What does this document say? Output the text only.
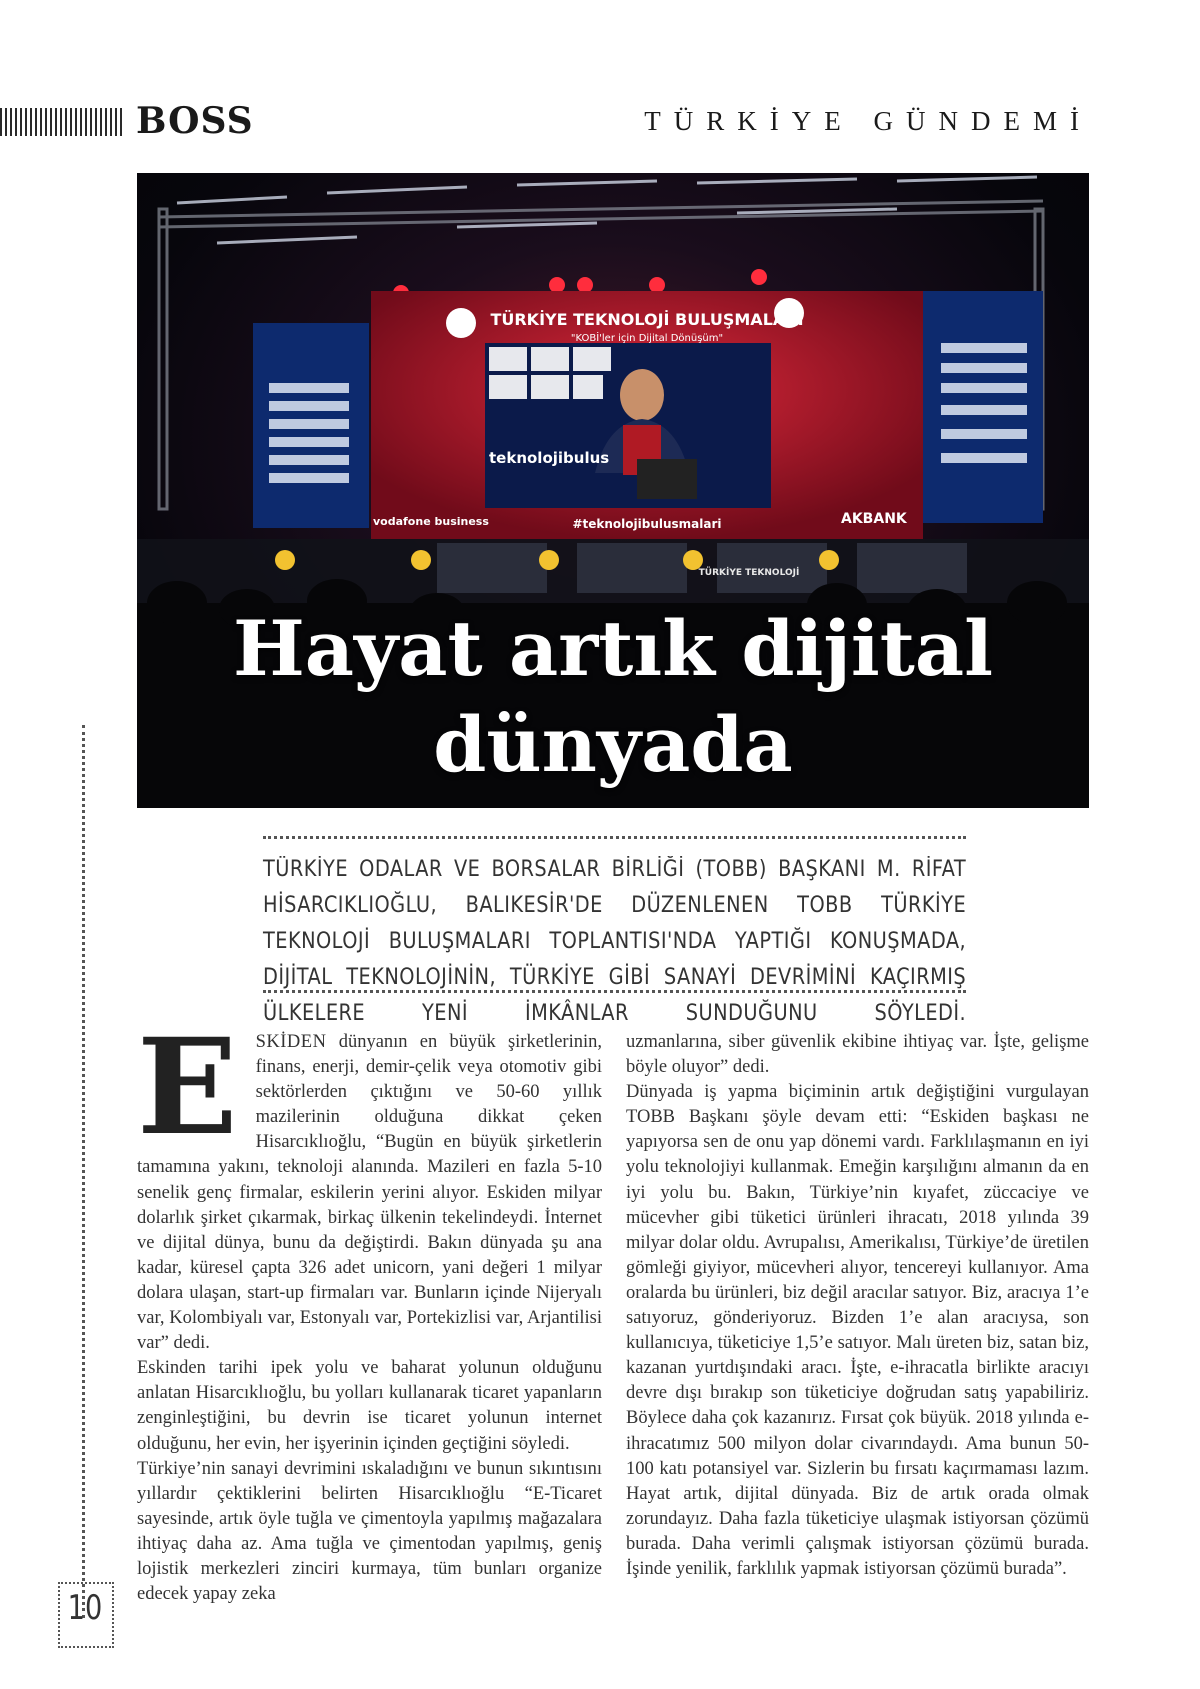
BOSS	TÜRKİYE GÜNDEMİ
TÜRKİYE TEKNOLOJİ BULUŞMALARI
"KOBİ'ler için Dijital Dönüşüm"
teknolojibulus
#teknolojibulusmalari
vodafone business	AKBANK
TÜRKİYE TEKNOLOJİ
Hayat artık dijital
dünyada
TÜRKİYE ODALAR VE BORSALAR BİRLİĞİ (TOBB) BAŞKANI M. RİFAT HİSARCIKLIOĞLU, BALIKESİR'DE DÜZENLENEN TOBB TÜRKİYE TEKNOLOJİ BULUŞMALARI TOPLANTISI'NDA YAPTIĞI KONUŞMADA, DİJİTAL TEKNOLOJİNİN, TÜRKİYE GİBİ SANAYİ DEVRİMİNİ KAÇIRMIŞ ÜLKELERE YENİ İMKÂNLAR SUNDUĞUNU SÖYLEDİ.

ESKİDEN dünyanın en büyük şirketlerinin, finans, enerji, demir-çelik veya otomotiv gibi sektörlerden çıktığını ve 50-60 yıllık mazilerinin olduğuna dikkat çeken Hisarcıklıoğlu, “Bugün en büyük şirketlerin tamamına yakını, teknoloji alanında. Mazileri en fazla 5-10 senelik genç firmalar, eskilerin yerini alıyor. Eskiden milyar dolarlık şirket çıkarmak, birkaç ülkenin tekelindeydi. İnternet ve dijital dünya, bunu da değiştirdi. Bakın dünyada şu ana kadar, küresel çapta 326 adet unicorn, yani değeri 1 milyar dolara ulaşan, start-up firmaları var. Bunların içinde Nijeryalı var, Kolombiyalı var, Estonyalı var, Portekizlisi var, Arjantilisi var” dedi.

Eskinden tarihi ipek yolu ve baharat yolunun olduğunu anlatan Hisarcıklıoğlu, bu yolları kullanarak ticaret yapanların zenginleştiğini, bu devrin ise ticaret yolunun internet olduğunu, her evin, her işyerinin içinden geçtiğini söyledi.

Türkiye’nin sanayi devrimini ıskaladığını ve bunun sıkıntısını yıllardır çektiklerini belirten Hisarcıklıoğlu “E-Ticaret sayesinde, artık öyle tuğla ve çimentoyla yapılmış mağazalara ihtiyaç daha az. Ama tuğla ve çimentodan yapılmış, geniş lojistik merkezleri zinciri kurmaya, tüm bunları organize edecek yapay zeka

uzmanlarına, siber güvenlik ekibine ihtiyaç var. İşte, gelişme böyle oluyor” dedi.

Dünyada iş yapma biçiminin artık değiştiğini vurgulayan TOBB Başkanı şöyle devam etti: “Eskiden başkası ne yapıyorsa sen de onu yap dönemi vardı. Farklılaşmanın en iyi yolu teknolojiyi kullanmak. Emeğin karşılığını almanın da en iyi yolu bu. Bakın, Türkiye’nin kıyafet, züccaciye ve mücevher gibi tüketici ürünleri ihracatı, 2018 yılında 39 milyar dolar oldu. Avrupalısı, Amerikalısı, Türkiye’de üretilen gömleği giyiyor, mücevheri alıyor, tencereyi kullanıyor. Ama oralarda bu ürünleri, biz değil aracılar satıyor. Biz, aracıya 1’e satıyoruz, gönderiyoruz. Bizden 1’e alan aracıysa, son kullanıcıya, tüketiciye 1,5’e satıyor. Malı üreten biz, satan biz, kazanan yurtdışındaki aracı. İşte, e-ihracatla birlikte aracıyı devre dışı bırakıp son tüketiciye doğrudan satış yapabiliriz. Böylece daha çok kazanırız. Fırsat çok büyük. 2018 yılında e-ihracatımız 500 milyon dolar civarındaydı. Ama bunun 50-100 katı potansiyel var. Sizlerin bu fırsatı kaçırmaması lazım. Hayat artık, dijital dünyada. Biz de artık orada olmak zorundayız. Daha fazla tüketiciye ulaşmak istiyorsan çözümü burada. Daha verimli çalışmak istiyorsan çözümü burada. İşinde yenilik, farklılık yapmak istiyorsan çözümü burada”.

10
